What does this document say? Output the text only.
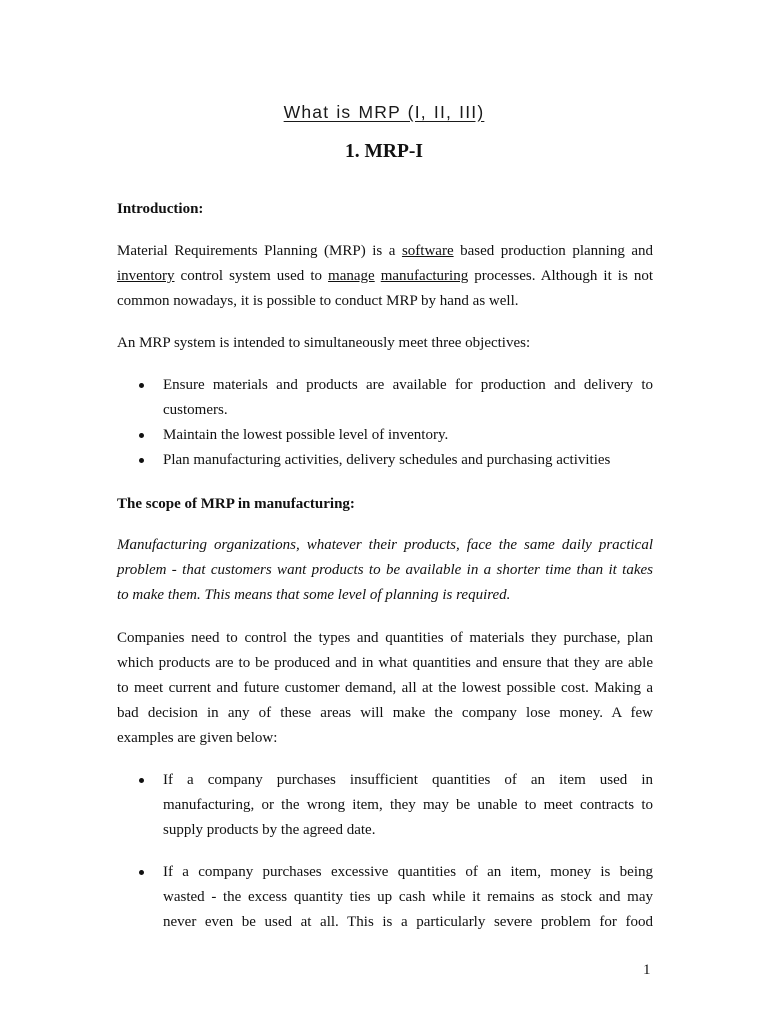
What is MRP (I, II, III)
1. MRP-I
Introduction:
Material Requirements Planning (MRP) is a software based production planning and
inventory control system used to manage manufacturing processes. Although it is not
common nowadays, it is possible to conduct MRP by hand as well.
An MRP system is intended to simultaneously meet three objectives:
Ensure materials and products are available for production and delivery to
customers.
Maintain the lowest possible level of inventory.
Plan manufacturing activities, delivery schedules and purchasing activities
The scope of MRP in manufacturing:
Manufacturing organizations, whatever their products, face the same daily practical
problem - that customers want products to be available in a shorter time than it takes
to make them. This means that some level of planning is required.
Companies need to control the types and quantities of materials they purchase, plan
which products are to be produced and in what quantities and ensure that they are able
to meet current and future customer demand, all at the lowest possible cost. Making a
bad decision in any of these areas will make the company lose money. A few
examples are given below:
If a company purchases insufficient quantities of an item used in
manufacturing, or the wrong item, they may be unable to meet contracts to
supply products by the agreed date.
If a company purchases excessive quantities of an item, money is being
wasted - the excess quantity ties up cash while it remains as stock and may
never even be used at all. This is a particularly severe problem for food
1
